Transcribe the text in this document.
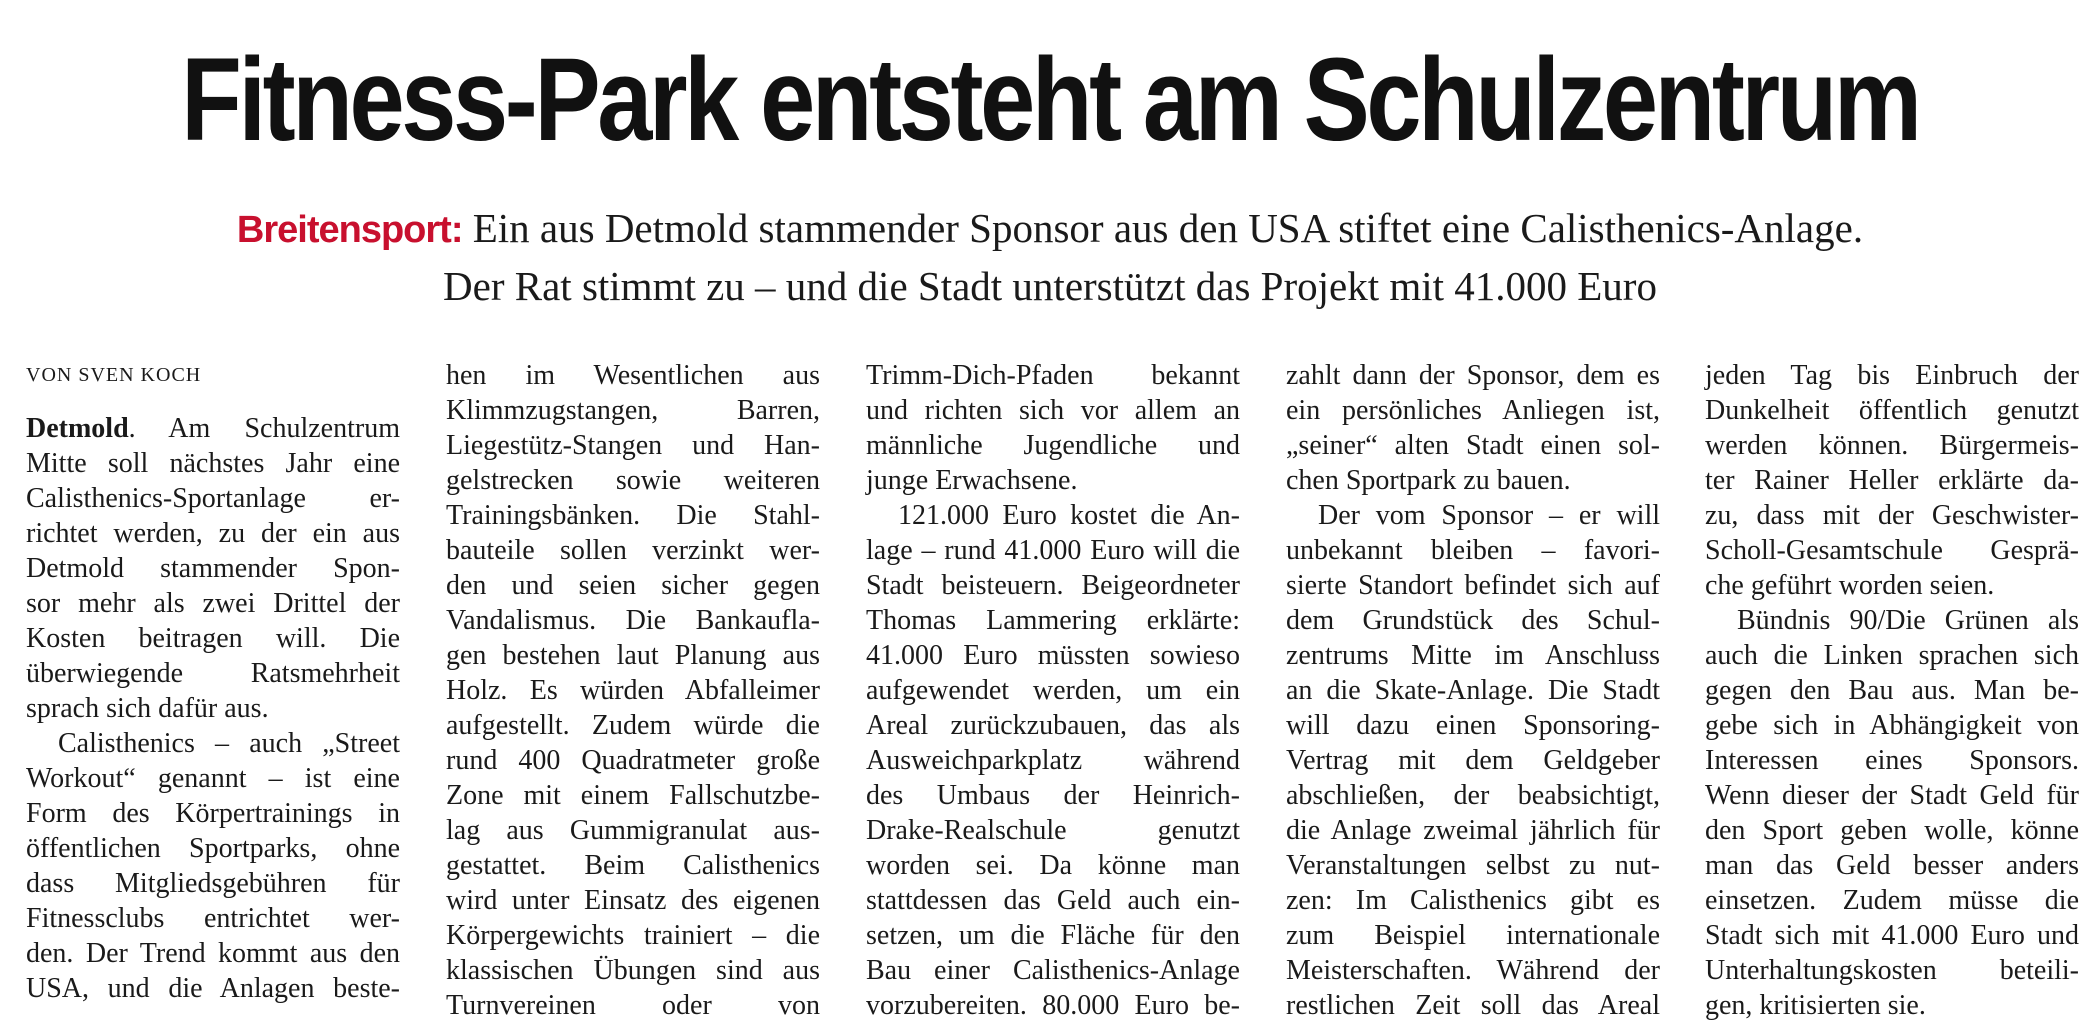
Fitness-Park entsteht am Schulzentrum
Breitensport: Ein aus Detmold stammender Sponsor aus den USA stiftet eine Calisthenics-Anlage.
Der Rat stimmt zu – und die Stadt unterstützt das Projekt mit 41.000 Euro
VON SVEN KOCH
Detmold. Am Schulzentrum
Mitte soll nächstes Jahr eine
Calisthenics-Sportanlage er-
richtet werden, zu der ein aus
Detmold stammender Spon-
sor mehr als zwei Drittel der
Kosten beitragen will. Die
überwiegende Ratsmehrheit
sprach sich dafür aus.
Calisthenics – auch „Street
Workout“ genannt – ist eine
Form des Körpertrainings in
öffentlichen Sportparks, ohne
dass Mitgliedsgebühren für
Fitnessclubs entrichtet wer-
den. Der Trend kommt aus den
USA, und die Anlagen beste-
hen im Wesentlichen aus
Klimmzugstangen, Barren,
Liegestütz-Stangen und Han-
gelstrecken sowie weiteren
Trainingsbänken. Die Stahl-
bauteile sollen verzinkt wer-
den und seien sicher gegen
Vandalismus. Die Bankaufla-
gen bestehen laut Planung aus
Holz. Es würden Abfalleimer
aufgestellt. Zudem würde die
rund 400 Quadratmeter große
Zone mit einem Fallschutzbe-
lag aus Gummigranulat aus-
gestattet. Beim Calisthenics
wird unter Einsatz des eigenen
Körpergewichts trainiert – die
klassischen Übungen sind aus
Turnvereinen oder von
Trimm-Dich-Pfaden bekannt
und richten sich vor allem an
männliche Jugendliche und
junge Erwachsene.
121.000 Euro kostet die An-
lage – rund 41.000 Euro will die
Stadt beisteuern. Beigeordneter
Thomas Lammering erklärte:
41.000 Euro müssten sowieso
aufgewendet werden, um ein
Areal zurückzubauen, das als
Ausweichparkplatz während
des Umbaus der Heinrich-
Drake-Realschule genutzt
worden sei. Da könne man
stattdessen das Geld auch ein-
setzen, um die Fläche für den
Bau einer Calisthenics-Anlage
vorzubereiten. 80.000 Euro be-
zahlt dann der Sponsor, dem es
ein persönliches Anliegen ist,
„seiner“ alten Stadt einen sol-
chen Sportpark zu bauen.
Der vom Sponsor – er will
unbekannt bleiben – favori-
sierte Standort befindet sich auf
dem Grundstück des Schul-
zentrums Mitte im Anschluss
an die Skate-Anlage. Die Stadt
will dazu einen Sponsoring-
Vertrag mit dem Geldgeber
abschließen, der beabsichtigt,
die Anlage zweimal jährlich für
Veranstaltungen selbst zu nut-
zen: Im Calisthenics gibt es
zum Beispiel internationale
Meisterschaften. Während der
restlichen Zeit soll das Areal
jeden Tag bis Einbruch der
Dunkelheit öffentlich genutzt
werden können. Bürgermeis-
ter Rainer Heller erklärte da-
zu, dass mit der Geschwister-
Scholl-Gesamtschule Gesprä-
che geführt worden seien.
Bündnis 90/Die Grünen als
auch die Linken sprachen sich
gegen den Bau aus. Man be-
gebe sich in Abhängigkeit von
Interessen eines Sponsors.
Wenn dieser der Stadt Geld für
den Sport geben wolle, könne
man das Geld besser anders
einsetzen. Zudem müsse die
Stadt sich mit 41.000 Euro und
Unterhaltungskosten beteili-
gen, kritisierten sie.
